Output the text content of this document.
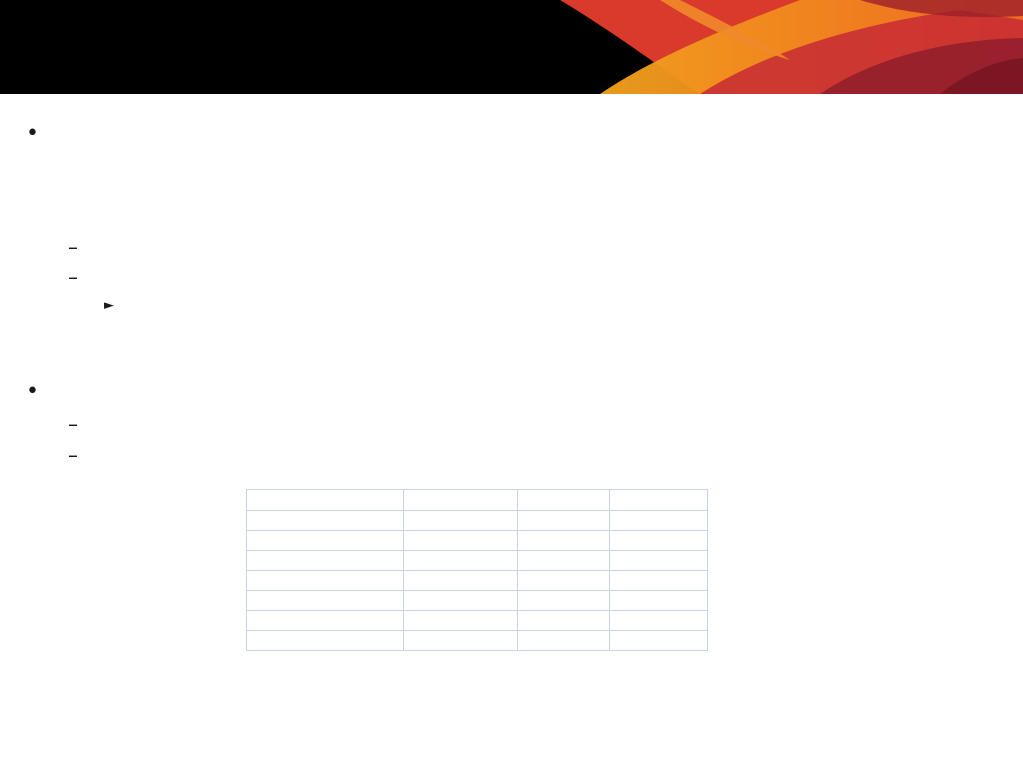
•
–
–
►
•
–
–
